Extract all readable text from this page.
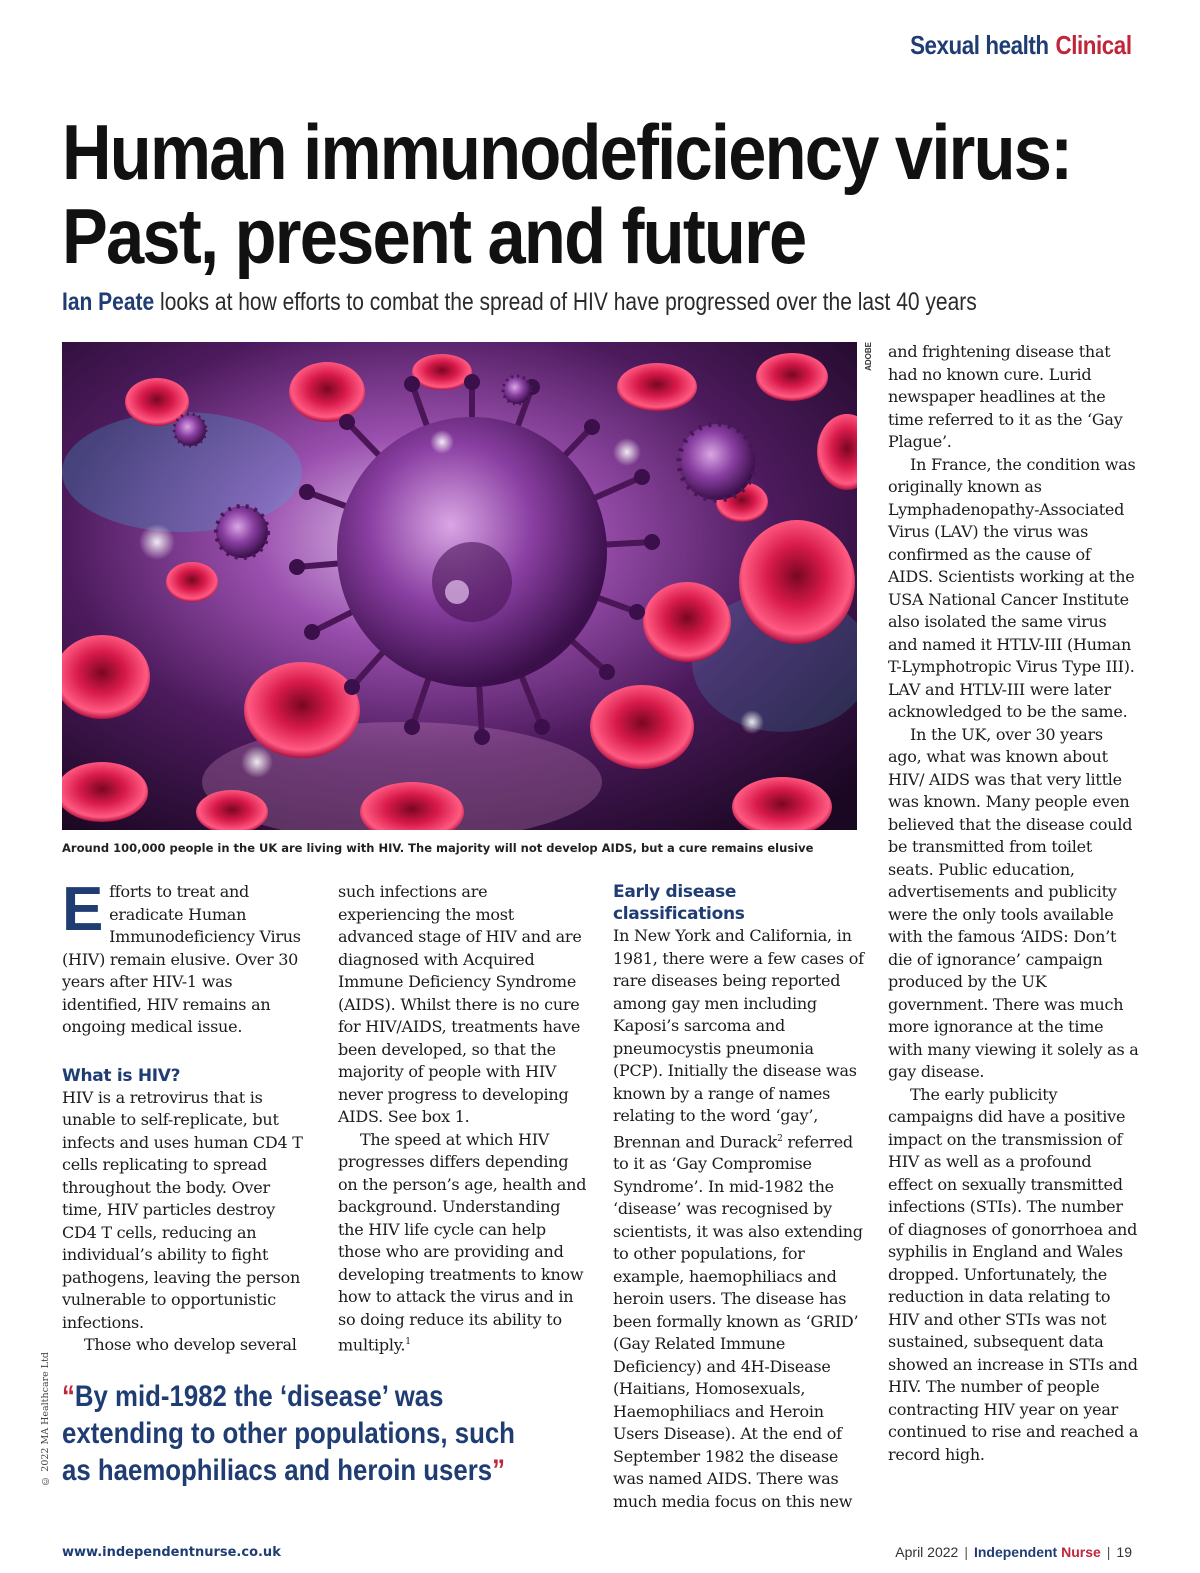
Sexual health Clinical
Human immunodeficiency virus:
Past, present and future
Ian Peate looks at how efforts to combat the spread of HIV have progressed over the last 40 years
ADOBE
Around 100,000 people in the UK are living with HIV. The majority will not develop AIDS, but a cure remains elusive

Efforts to treat and eradicate Human Immunodeficiency Virus (HIV) remain elusive. Over 30 years after HIV-1 was identified, HIV remains an ongoing medical issue.

What is HIV?

HIV is a retrovirus that is unable to self-replicate, but infects and uses human CD4 T cells replicating to spread throughout the body. Over time, HIV particles destroy CD4 T cells, reducing an individual’s ability to fight pathogens, leaving the person vulnerable to opportunistic infections.

Those who develop several

such infections are experiencing the most advanced stage of HIV and are diagnosed with Acquired Immune Deficiency Syndrome (AIDS). Whilst there is no cure for HIV/AIDS, treatments have been developed, so that the majority of people with HIV never progress to developing AIDS. See box 1.

The speed at which HIV progresses differs depending on the person’s age, health and background. Understanding the HIV life cycle can help those who are providing and developing treatments to know how to attack the virus and in so doing reduce its ability to multiply.$^1$

Early disease classifications

In New York and California, in 1981, there were a few cases of rare diseases being reported among gay men including Kaposi’s sarcoma and pneumocystis pneumonia (PCP). Initially the disease was known by a range of names relating to the word ‘gay’, Brennan and Durack$^2$ referred to it as ‘Gay Compromise Syndrome’. In mid-1982 the ‘disease’ was recognised by scientists, it was also extending to other populations, for example, haemophiliacs and heroin users. The disease has been formally known as ‘GRID’ (Gay Related Immune Deficiency) and 4H-Disease (Haitians, Homosexuals, Haemophiliacs and Heroin Users Disease). At the end of September 1982 the disease was named AIDS. There was much media focus on this new

and frightening disease that had no known cure. Lurid newspaper headlines at the time referred to it as the ‘Gay Plague’.

In France, the condition was originally known as Lymphadenopathy-Associated Virus (LAV) the virus was confirmed as the cause of AIDS. Scientists working at the USA National Cancer Institute also isolated the same virus and named it HTLV-III (Human T-Lymphotropic Virus Type III). LAV and HTLV-III were later acknowledged to be the same.

In the UK, over 30 years ago, what was known about HIV/ AIDS was that very little was known. Many people even believed that the disease could be transmitted from toilet seats. Public education, advertisements and publicity were the only tools available with the famous ‘AIDS: Don’t die of ignorance’ campaign produced by the UK government. There was much more ignorance at the time with many viewing it solely as a gay disease.

The early publicity campaigns did have a positive impact on the transmission of HIV as well as a profound effect on sexually transmitted infections (STIs). The number of diagnoses of gonorrhoea and syphilis in England and Wales dropped. Unfortunately, the reduction in data relating to HIV and other STIs was not sustained, subsequent data showed an increase in STIs and HIV. The number of people contracting HIV year on year continued to rise and reached a record high.

“By mid-1982 the ‘disease’ was extending to other populations, such as haemophiliacs and heroin users”
© 2022 MA Healthcare Ltd
www.independentnurse.co.uk	April 2022 | Independent Nurse | 19
